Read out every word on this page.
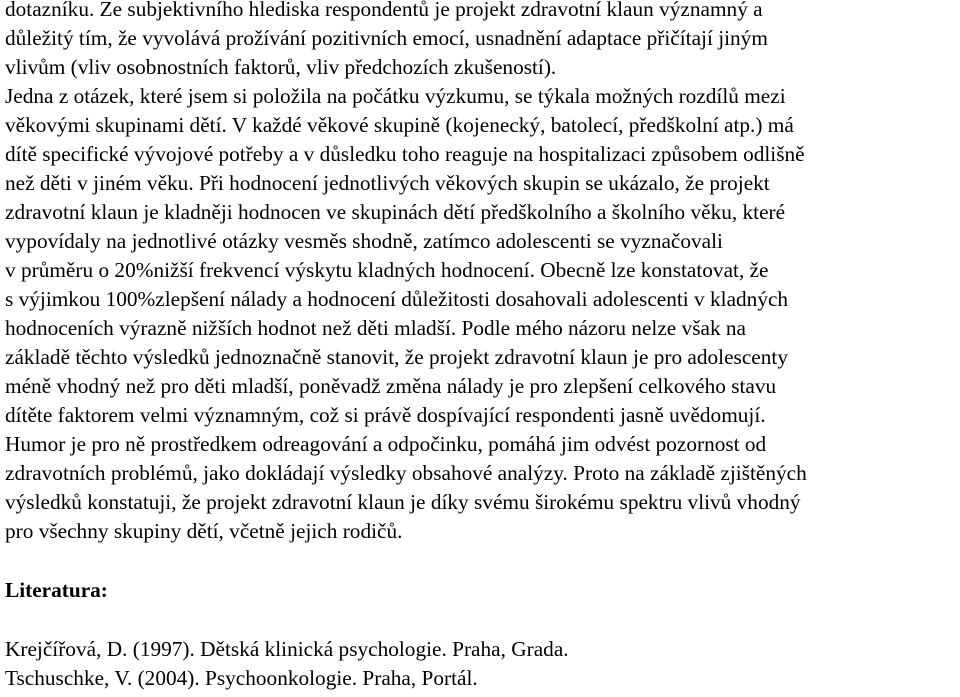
dotazníku. Ze subjektivního hlediska respondentů je projekt zdravotní klaun významný a
důležitý tím, že vyvolává prožívání pozitivních emocí, usnadnění adaptace přičítají jiným
vlivům (vliv osobnostních faktorů, vliv předchozích zkušeností).
Jedna z otázek, které jsem si položila na počátku výzkumu, se týkala možných rozdílů mezi
věkovými skupinami dětí. V každé věkové skupině (kojenecký, batolecí, předškolní atp.) má
dítě specifické vývojové potřeby a v důsledku toho reaguje na hospitalizaci způsobem odlišně
než děti v jiném věku. Při hodnocení jednotlivých věkových skupin se ukázalo, že projekt
zdravotní klaun je kladněji hodnocen ve skupinách dětí předškolního a školního věku, které
vypovídaly na jednotlivé otázky vesměs shodně, zatímco adolescenti se vyznačovali
v průměru o 20%nižší frekvencí výskytu kladných hodnocení. Obecně lze konstatovat, že
s výjimkou 100%zlepšení nálady a hodnocení důležitosti dosahovali adolescenti v kladných
hodnoceních výrazně nižších hodnot než děti mladší. Podle mého názoru nelze však na
základě těchto výsledků jednoznačně stanovit, že projekt zdravotní klaun je pro adolescenty
méně vhodný než pro děti mladší, poněvadž změna nálady je pro zlepšení celkového stavu
dítěte faktorem velmi významným, což si právě dospívající respondenti jasně uvědomují.
Humor je pro ně prostředkem odreagování a odpočinku, pomáhá jim odvést pozornost od
zdravotních problémů, jako dokládají výsledky obsahové analýzy. Proto na základě zjištěných
výsledků konstatuji, že projekt zdravotní klaun je díky svému širokému spektru vlivů vhodný
pro všechny skupiny dětí, včetně jejich rodičů.
Literatura:
Krejčířová, D. (1997). Dětská klinická psychologie. Praha, Grada.
Tschuschke, V. (2004). Psychoonkologie. Praha, Portál.
